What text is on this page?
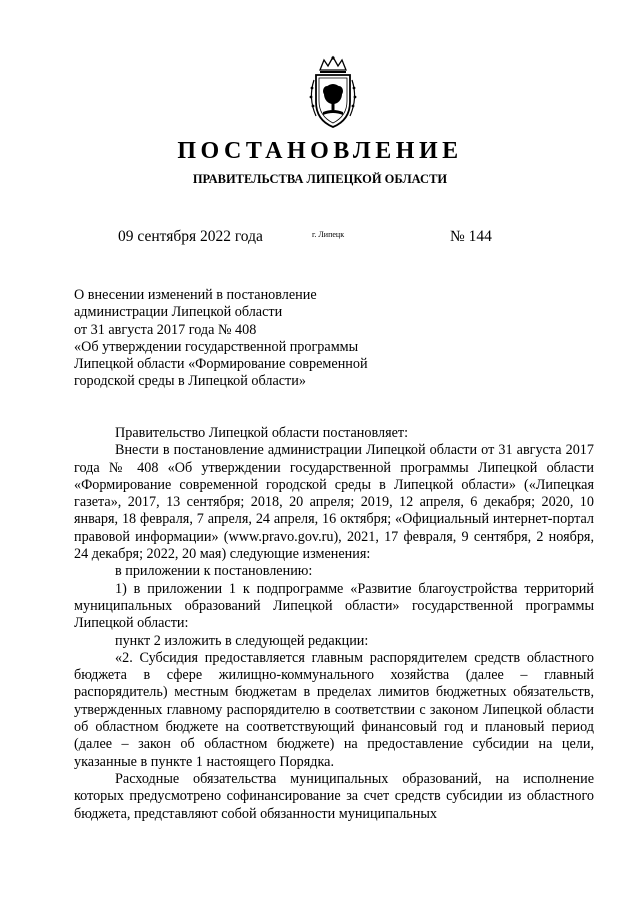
ПОСТАНОВЛЕНИЕ
ПРАВИТЕЛЬСТВА ЛИПЕЦКОЙ ОБЛАСТИ
09 сентября 2022 года	г. Липецк	№ 144
О внесении изменений в постановление
администрации Липецкой области
от 31 августа 2017 года № 408
«Об утверждении государственной программы
Липецкой области «Формирование современной
городской среды в Липецкой области»

Правительство Липецкой области постановляет:

Внести в постановление администрации Липецкой области от 31 августа 2017 года № 408 «Об утверждении государственной программы Липецкой области «Формирование современной городской среды в Липецкой области» («Липецкая газета», 2017, 13 сентября; 2018, 20 апреля; 2019, 12 апреля, 6 декабря; 2020, 10 января, 18 февраля, 7 апреля, 24 апреля, 16 октября; «Официальный интернет-портал правовой информации» (www.pravo.gov.ru), 2021, 17 февраля, 9 сентября, 2 ноября, 24 декабря; 2022, 20 мая) следующие изменения:

в приложении к постановлению:

1) в приложении 1 к подпрограмме «Развитие благоустройства территорий муниципальных образований Липецкой области» государственной программы Липецкой области:

пункт 2 изложить в следующей редакции:

«2. Субсидия предоставляется главным распорядителем средств областного бюджета в сфере жилищно-коммунального хозяйства (далее – главный распорядитель) местным бюджетам в пределах лимитов бюджетных обязательств, утвержденных главному распорядителю в соответствии с законом Липецкой области об областном бюджете на соответствующий финансовый год и плановый период (далее – закон об областном бюджете) на предоставление субсидии на цели, указанные в пункте 1 настоящего Порядка.

Расходные обязательства муниципальных образований, на исполнение которых предусмотрено софинансирование за счет средств субсидии из областного бюджета, представляют собой обязанности муниципальных
